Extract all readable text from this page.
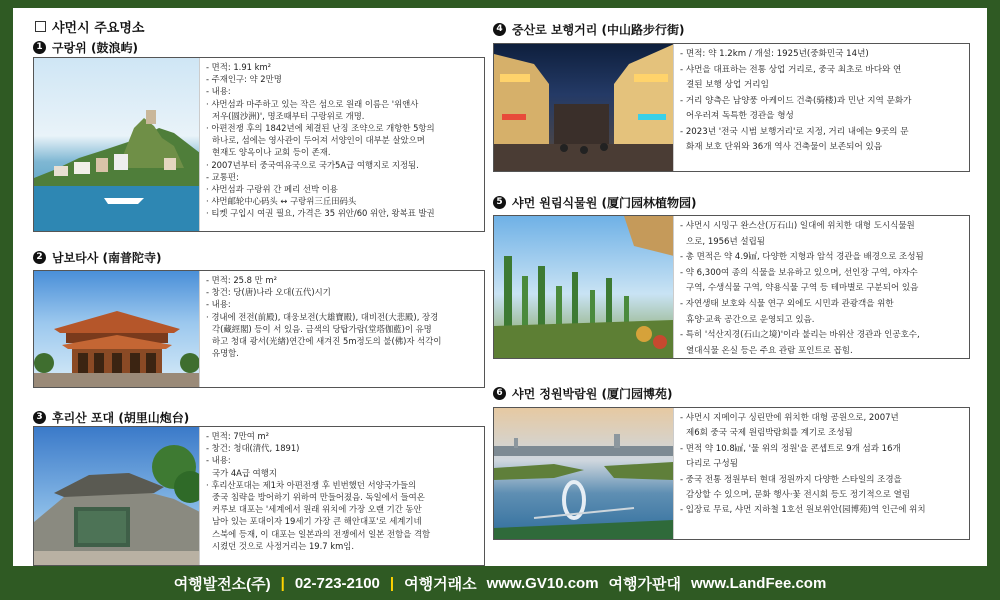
샤먼시 주요명소
1 구랑위 (鼓浪屿)
- 면적: 1.91 km²
- 주재인구: 약 2만명
- 내용:
· 샤먼섬과 마주하고 있는 작은 섬으로 원래 이름은 '위앤사
저우(圆沙洲)', 명조때부터 구랑위로 개명.
· 아편전쟁 후의 1842년에 체결된 난징 조약으로 개항한 5항의
하나로, 섬에는 영사관이 두어져 서양인이 대부분 살았으며
현재도 양옥이나 교회 등이 존재.
· 2007년부터 중국여유국으로 국가5A급 여행지로 지정됨.
- 교통편:
· 샤먼섬과 구랑위 간 페리 선박 이용
· 샤먼邮轮中心码头 ↔ 구랑위三丘田码头
· 티켓 구입시 여권 필요, 가격은 35 위안/60 위안, 왕복표 발권
2 남보타사 (南普陀寺)
- 면적: 25.8 만 m²
- 창건: 당(唐)나라 오대(五代)시기
- 내용:
· 경내에 전전(前殿), 대웅보전(大雄寶殿), 대비전(大悲殿), 장경
각(藏經閣) 등이 서 있음. 금색의 당탑가람(堂塔伽藍)이 유명
하고 청대 광서(光緖)연간에 새겨진 5m정도의 불(佛)자 석각이
유명함.
3 후리산 포대 (胡里山炮台)
- 면적: 7만여 m²
- 창건: 청대(清代, 1891)
- 내용:
국가 4A급 여행지
· 후리산포대는 제1차 아편전쟁 후 빈번했던 서양국가들의
중국 침략을 방어하기 위하여 만들어졌음. 독일에서 들여온
커루보 대포는 '세계에서 원래 위치에 가장 오랜 기간 동안
남아 있는 포대이자 19세기 가장 큰 해안대포'로 세계기네
스북에 등재, 이 대포는 일본과의 전쟁에서 일본 전함을 격함
시켰던 것으로 사정거리는 19.7 km임.
4 중산로 보행거리 (中山路步行街)
- 면적: 약 1.2km / 개설: 1925년(중화민국 14년)
- 샤먼을 대표하는 전통 상업 거리로, 중국 최초로 바다와 연
결된 보행 상업 거리임
- 거리 양측은 남양풍 아케이드 건축(骑楼)과 민난 지역 문화가
어우러져 독특한 경관을 형성
- 2023년 '전국 시범 보행거리'로 지정, 거리 내에는 9곳의 문
화재 보호 단위와 36개 역사 건축물이 보존되어 있음
5 샤먼 원림식물원 (厦门园林植物园)
- 샤먼시 시밍구 완스산(万石山) 일대에 위치한 대형 도시식물원
으로, 1956년 설립됨
- 총 면적은 약 4.9㎢, 다양한 지형과 암석 경관을 배경으로 조성됨
- 약 6,300여 종의 식물을 보유하고 있으며, 선인장 구역, 야자수
구역, 수생식물 구역, 약용식물 구역 등 테마별로 구분되어 있음
- 자연생태 보호와 식물 연구 외에도 시민과 관광객을 위한
휴양·교육 공간으로 운영되고 있음.
- 특히 '석산지경(石山之境)'이라 불리는 바위산 경관과 인공호수,
열대식물 온실 등은 주요 관람 포인트로 꼽힘.
6 샤먼 정원박람원 (厦门园博苑)
- 샤먼시 지메이구 싱린만에 위치한 대형 공원으로, 2007년
제6회 중국 국제 원림박람회를 계기로 조성됨
- 면적 약 10.8㎢, '물 위의 정원'을 콘셉트로 9개 섬과 16개
다리로 구성됨
- 중국 전통 정원부터 현대 정원까지 다양한 스타일의 조경을
감상할 수 있으며, 문화 행사·꽃 전시회 등도 정기적으로 열림
- 입장료 무료, 샤먼 지하철 1호선 원보위안(园博苑)역 인근에 위치
여행발전소(주) | 02-723-2100 | 여행거래소 www.GV10.com 여행가판대 www.LandFee.com
